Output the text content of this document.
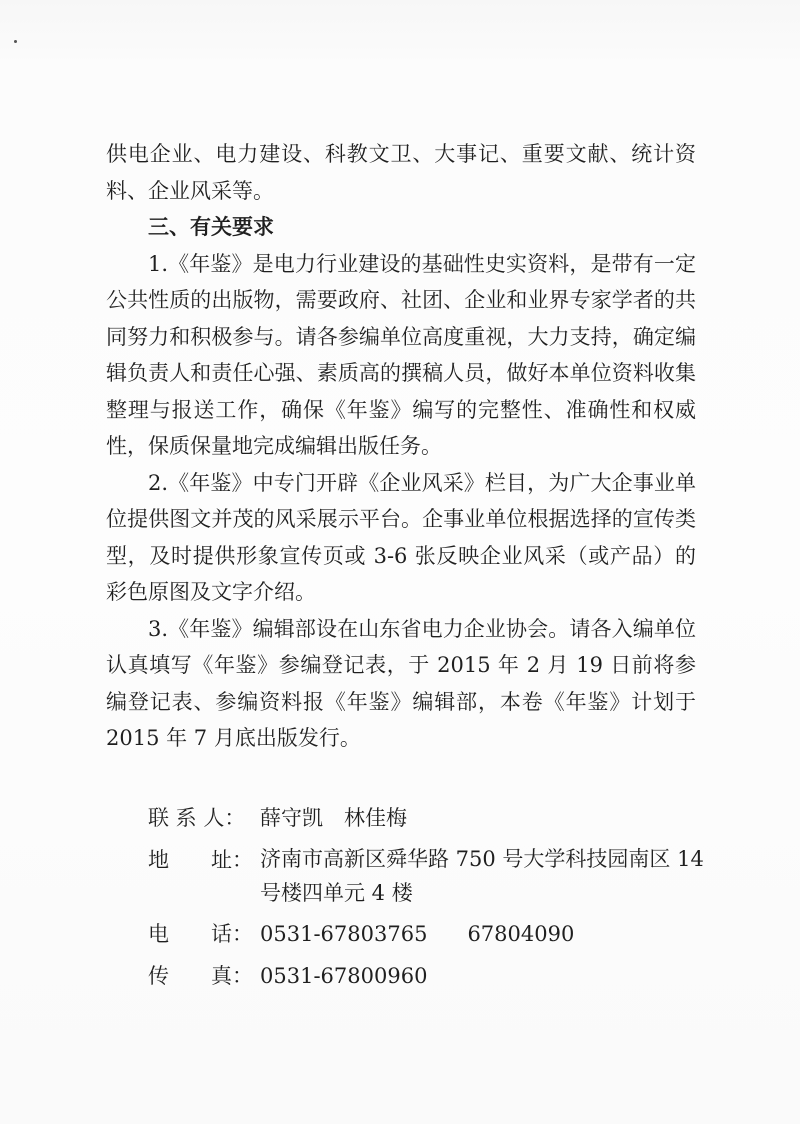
供电企业、电力建设、科教文卫、大事记、重要文献、统计资料、企业风采等。

三、有关要求

1.《年鉴》是电力行业建设的基础性史实资料，是带有一定公共性质的出版物，需要政府、社团、企业和业界专家学者的共同努力和积极参与。请各参编单位高度重视，大力支持，确定编辑负责人和责任心强、素质高的撰稿人员，做好本单位资料收集整理与报送工作，确保《年鉴》编写的完整性、准确性和权威性，保质保量地完成编辑出版任务。

2.《年鉴》中专门开辟《企业风采》栏目，为广大企事业单位提供图文并茂的风采展示平台。企事业单位根据选择的宣传类型，及时提供形象宣传页或 3-6 张反映企业风采（或产品）的彩色原图及文字介绍。

3.《年鉴》编辑部设在山东省电力企业协会。请各入编单位认真填写《年鉴》参编登记表，于 2015 年 2 月 19 日前将参编登记表、参编资料报《年鉴》编辑部，本卷《年鉴》计划于 2015 年 7 月底出版发行。

联 系 人： 薛守凯　林佳梅
地　　址： 济南市高新区舜华路 750 号大学科技园南区 14 号楼四单元 4 楼
电　　话： 0531-67803765 67804090
传　　真： 0531-67800960
